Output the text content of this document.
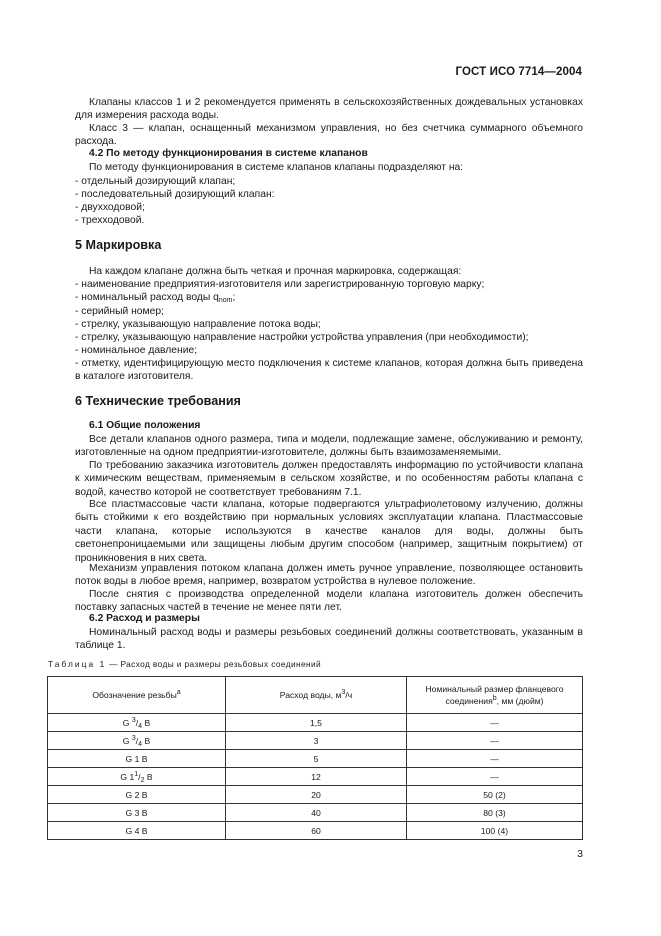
ГОСТ ИСО 7714—2004

Клапаны классов 1 и 2 рекомендуется применять в сельскохозяйственных дождевальных установках для измерения расхода воды.

Класс 3 — клапан, оснащенный механизмом управления, но без счетчика суммарного объемного расхода.

4.2 По методу функционирования в системе клапанов

По методу функционирования в системе клапанов клапаны подразделяют на:

- отдельный дозирующий клапан;

- последовательный дозирующий клапан:

- двухходовой;

- трехходовой.

5 Маркировка

На каждом клапане должна быть четкая и прочная маркировка, содержащая:

- наименование предприятия-изготовителя или зарегистрированную торговую марку;

- номинальный расход воды $q_{nom}$;

- серийный номер;

- стрелку, указывающую направление потока воды;

- стрелку, указывающую направление настройки устройства управления (при необходимости);

- номинальное давление;

- отметку, идентифицирующую место подключения к системе клапанов, которая должна быть приведена в каталоге изготовителя.

6 Технические требования

6.1 Общие положения

Все детали клапанов одного размера, типа и модели, подлежащие замене, обслуживанию и ремонту, изготовленные на одном предприятии-изготовителе, должны быть взаимозаменяемыми.

По требованию заказчика изготовитель должен предоставлять информацию по устойчивости клапана к химическим веществам, применяемым в сельском хозяйстве, и по особенностям работы клапана с водой, качество которой не соответствует требованиям 7.1.

Все пластмассовые части клапана, которые подвергаются ультрафиолетовому излучению, должны быть стойкими к его воздействию при нормальных условиях эксплуатации клапана. Пластмассовые части клапана, которые используются в качестве каналов для воды, должны быть светонепроницаемыми или защищены любым другим способом (например, защитным покрытием) от проникновения в них света.

Механизм управления потоком клапана должен иметь ручное управление, позволяющее остановить поток воды в любое время, например, возвратом устройства в нулевое положение.

После снятия с производства определенной модели клапана изготовитель должен обеспечить поставку запасных частей в течение не менее пяти лет.

6.2 Расход и размеры

Номинальный расход воды и размеры резьбовых соединений должны соответствовать, указанным в таблице 1.

Таблица 1 — Расход воды и размеры резьбовых соединений
Обозначение резьбы$^a$	Расход воды, $м^3/ч$	Номинальный размер фланцевого
соединения$^b$, мм (дюйм)
G $^3/_4$ B	1,5	—
G $^3/_4$ B	3	—
G 1 B	5	—
G $1^1/_2$ B	12	—
G 2 B	20	50 (2)
G 3 B	40	80 (3)
G 4 B	60	100 (4)
3
